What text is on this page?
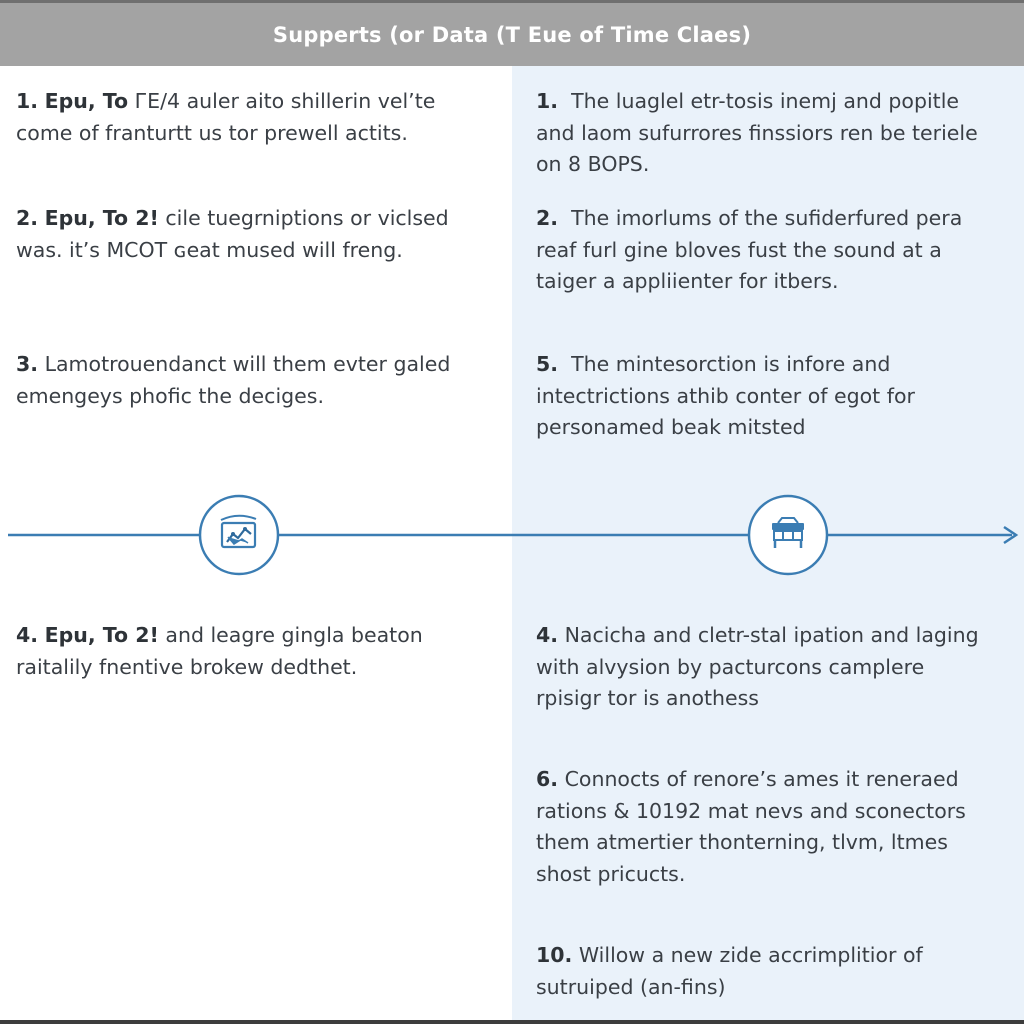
Supperts (or Data (T Eue of Time Claes)
1. Epu, To ГE/4 auler aito shillerin vel’te
come of franturtt us tor prewell actits.
2. Epu, To 2! cile tuegrniptions or viclsed
was. it’s MCOT ɢeat mused will freng.
3. Lamotrouendanct will them evter galed
emengeys phofic the deciges.
4. Epu, To 2! and leagre gingla beaton
raitalily fnentive brokew dedthet.
1. The luaglel etr-tosis inemj and popitle
and laom sufurrores finssiors ren be teriele
on 8 BOPS.
2. The imorlums of the sufiderfured pera
reaf furl gine bloves fust the sound at a
taiger a appliienter for itbers.
5. The mintesorction is infore and
intectrictions athib conter of egot for
personamed beak mitsted
4. Nacicha and cletr-stal ipation and laging
with alvysion by pacturcons camplere
rpisigr tor is anothess
6. Connocts of renore’s ames it reneraed
rations & 10192 mat nevs and sconectors
them atmertier thonterning, tlvm, ltmes
shost pricucts.
10. Willow a new zide accrimplitior of
sutruiped (an-fins)
